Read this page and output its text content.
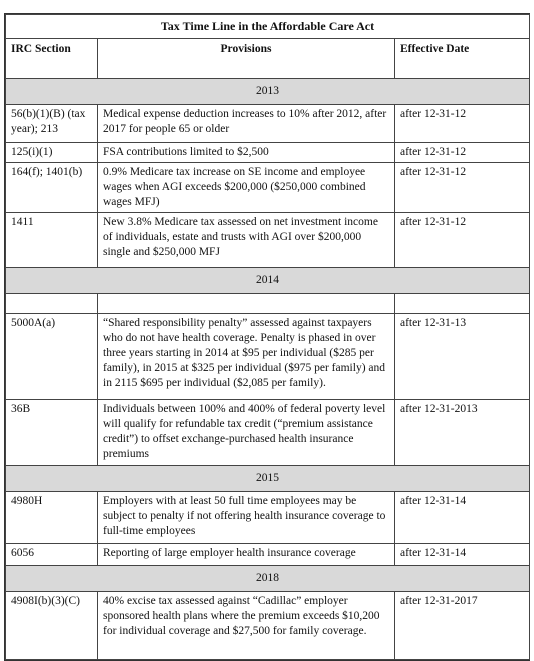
Tax Time Line in the Affordable Care Act		
IRC Section	Provisions	Effective Date
2013		
56(b)(1)(B) (tax year); 213	Medical expense deduction increases to 10% after 2012, after 2017 for people 65 or older	after 12-31-12
125(i)(1)	FSA contributions limited to $2,500	after 12-31-12
164(f); 1401(b)	0.9% Medicare tax increase on SE income and employee wages when AGI exceeds $200,000 ($250,000 combined wages MFJ)	after 12-31-12
1411	New 3.8% Medicare tax assessed on net investment income of individuals, estate and trusts with AGI over $200,000 single and $250,000 MFJ	after 12-31-12
2014		

5000A(a)	“Shared responsibility penalty” assessed against taxpayers who do not have health coverage. Penalty is phased in over three years starting in 2014 at $95 per individual ($285 per family), in 2015 at $325 per individual ($975 per family) and in 2115 $695 per individual ($2,085 per family).	after 12-31-13
36B	Individuals between 100% and 400% of federal poverty level will qualify for refundable tax credit (“premium assistance credit”) to offset exchange-purchased health insurance premiums	after 12-31-2013
2015		
4980H	Employers with at least 50 full time employees may be subject to penalty if not offering health insurance coverage to full-time employees	after 12-31-14
6056	Reporting of large employer health insurance coverage	after 12-31-14
2018		
4908I(b)(3)(C)	40% excise tax assessed against “Cadillac” employer sponsored health plans where the premium exceeds $10,200 for individual coverage and $27,500 for family coverage.	after 12-31-2017
